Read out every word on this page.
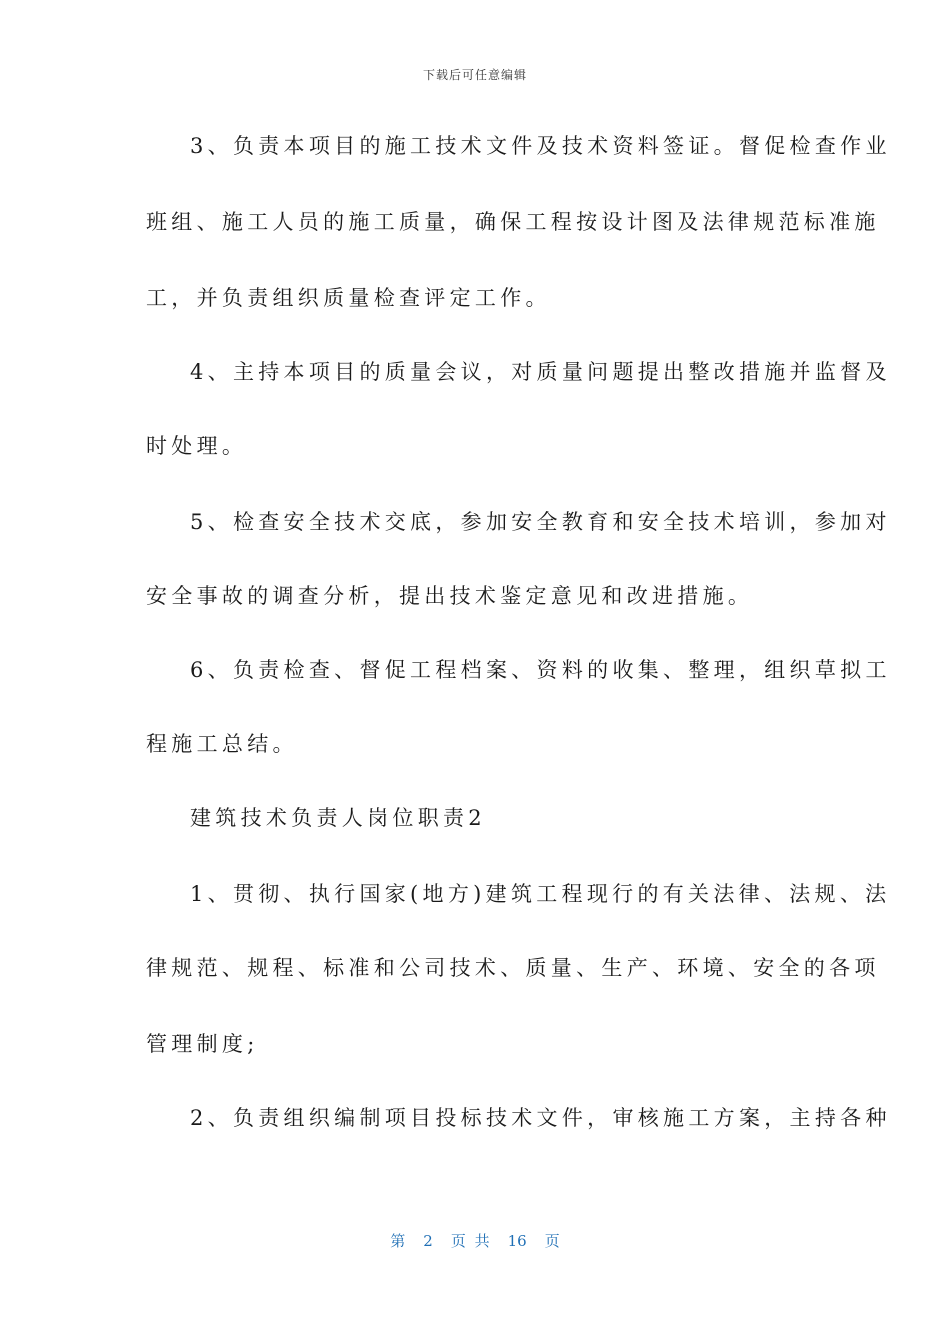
下载后可任意编辑
3、负责本项目的施工技术文件及技术资料签证。督促检查作业
班组、施工人员的施工质量，确保工程按设计图及法律规范标准施
工，并负责组织质量检查评定工作。
4、主持本项目的质量会议，对质量问题提出整改措施并监督及
时处理。
5、检查安全技术交底，参加安全教育和安全技术培训，参加对
安全事故的调查分析，提出技术鉴定意见和改进措施。
6、负责检查、督促工程档案、资料的收集、整理，组织草拟工
程施工总结。
建筑技术负责人岗位职责2
1、贯彻、执行国家(地方)建筑工程现行的有关法律、法规、法
律规范、规程、标准和公司技术、质量、生产、环境、安全的各项
管理制度;
2、负责组织编制项目投标技术文件，审核施工方案，主持各种
第 2 页 共 16 页
